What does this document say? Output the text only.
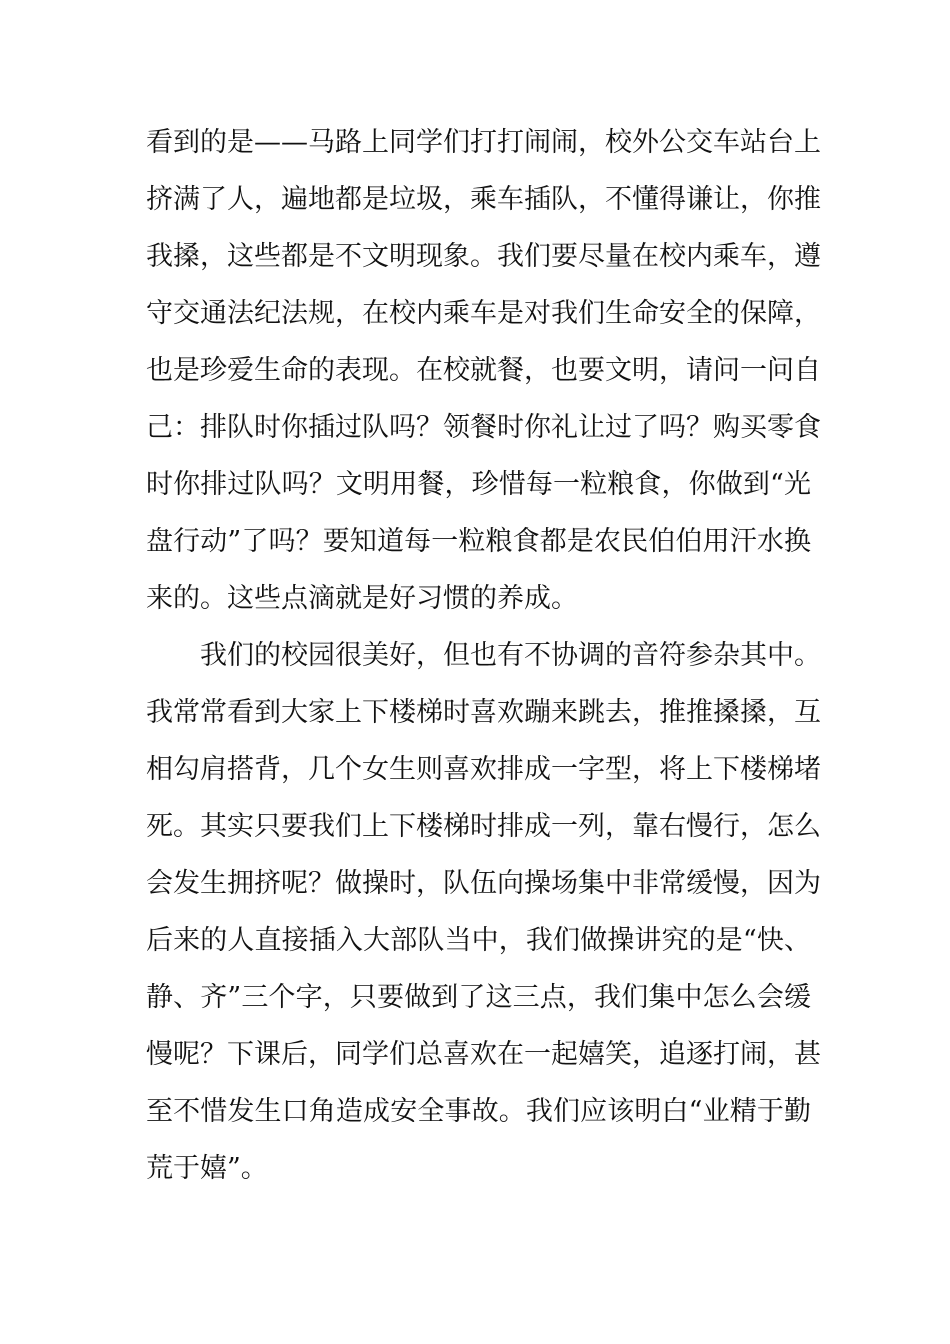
看到的是——马路上同学们打打闹闹，校外公交车站台上
挤满了人，遍地都是垃圾，乘车插队，不懂得谦让，你推
我搡，这些都是不文明现象。我们要尽量在校内乘车，遵
守交通法纪法规，在校内乘车是对我们生命安全的保障，
也是珍爱生命的表现。在校就餐，也要文明，请问一问自
己：排队时你插过队吗？领餐时你礼让过了吗？购买零食
时你排过队吗？文明用餐，珍惜每一粒粮食，你做到“光
盘行动”了吗？要知道每一粒粮食都是农民伯伯用汗水换
来的。这些点滴就是好习惯的养成。
我们的校园很美好，但也有不协调的音符参杂其中。
我常常看到大家上下楼梯时喜欢蹦来跳去，推推搡搡，互
相勾肩搭背，几个女生则喜欢排成一字型，将上下楼梯堵
死。其实只要我们上下楼梯时排成一列，靠右慢行，怎么
会发生拥挤呢？做操时，队伍向操场集中非常缓慢，因为
后来的人直接插入大部队当中，我们做操讲究的是“快、
静、齐”三个字，只要做到了这三点，我们集中怎么会缓
慢呢？下课后，同学们总喜欢在一起嬉笑，追逐打闹，甚
至不惜发生口角造成安全事故。我们应该明白“业精于勤
荒于嬉”。
